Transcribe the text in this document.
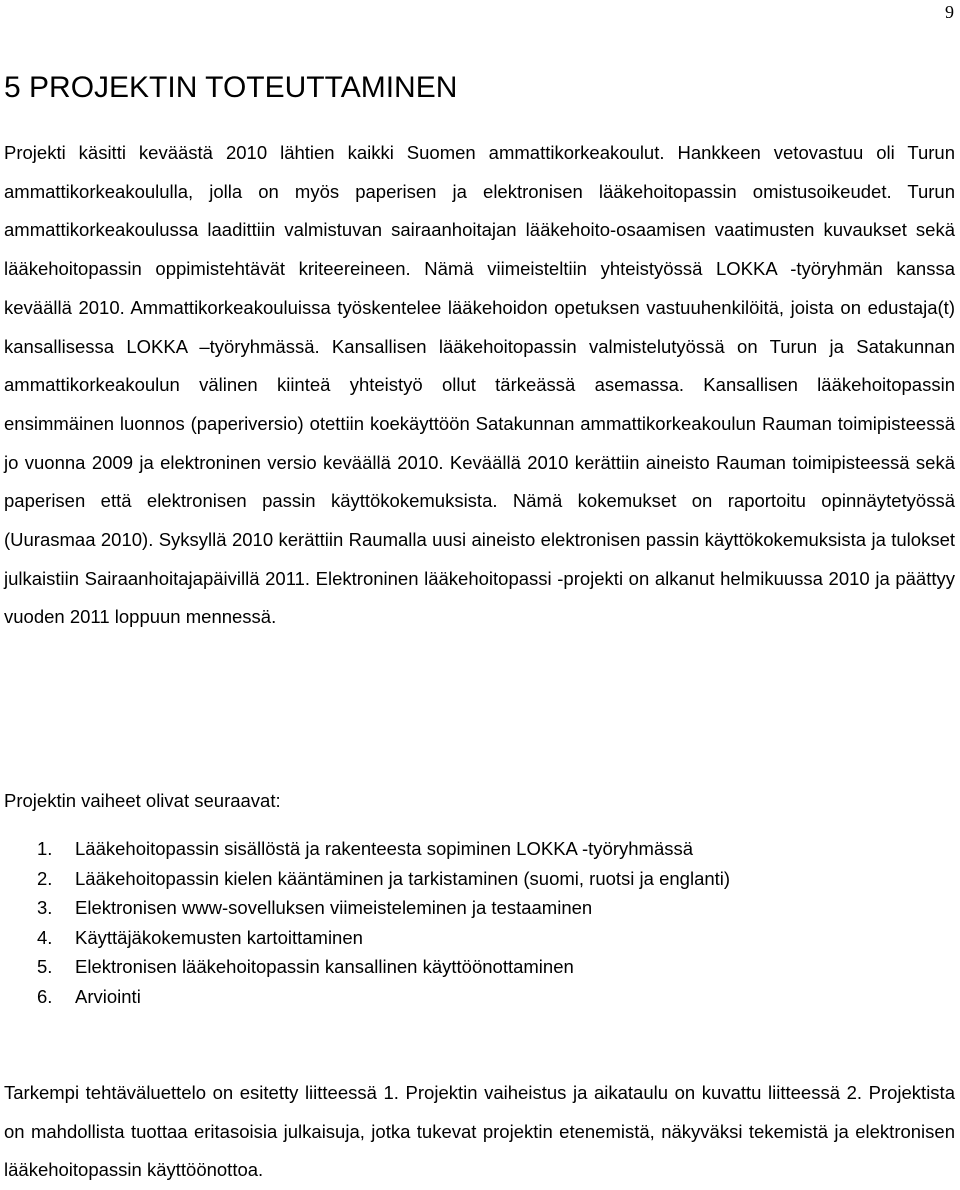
9
5 PROJEKTIN TOTEUTTAMINEN

Projekti käsitti keväästä 2010 lähtien kaikki Suomen ammattikorkeakoulut. Hankkeen vetovastuu oli Turun ammattikorkeakoululla, jolla on myös paperisen ja elektronisen lääkehoitopassin omistusoikeudet. Turun ammattikorkeakoulussa laadittiin valmistuvan sairaanhoitajan lääkehoito-osaamisen vaatimusten kuvaukset sekä lääkehoitopassin oppimistehtävät kriteereineen. Nämä viimeisteltiin yhteistyössä LOKKA -työryhmän kanssa keväällä 2010. Ammattikorkeakouluissa työskentelee lääkehoidon opetuksen vastuuhenkilöitä, joista on edustaja(t) kansallisessa LOKKA –työryhmässä. Kansallisen lääkehoitopassin valmistelutyössä on Turun ja Satakunnan ammattikorkeakoulun välinen kiinteä yhteistyö ollut tärkeässä asemassa. Kansallisen lääkehoitopassin ensimmäinen luonnos (paperiversio) otettiin koekäyttöön Satakunnan ammattikorkeakoulun Rauman toimipisteessä jo vuonna 2009 ja elektroninen versio keväällä 2010. Keväällä 2010 kerättiin aineisto Rauman toimipisteessä sekä paperisen että elektronisen passin käyttökokemuksista. Nämä kokemukset on raportoitu opinnäytetyössä (Uurasmaa 2010). Syksyllä 2010 kerättiin Raumalla uusi aineisto elektronisen passin käyttökokemuksista ja tulokset julkaistiin Sairaanhoitajapäivillä 2011. Elektroninen lääkehoitopassi -projekti on alkanut helmikuussa 2010 ja päättyy vuoden 2011 loppuun mennessä.

Projektin vaiheet olivat seuraavat:

1.	Lääkehoitopassin sisällöstä ja rakenteesta sopiminen LOKKA -työryhmässä
2.	Lääkehoitopassin kielen kääntäminen ja tarkistaminen (suomi, ruotsi ja englanti)
3.	Elektronisen www-sovelluksen viimeisteleminen ja testaaminen
4.	Käyttäjäkokemusten kartoittaminen
5.	Elektronisen lääkehoitopassin kansallinen käyttöönottaminen
6.	Arviointi

Tarkempi tehtäväluettelo on esitetty liitteessä 1. Projektin vaiheistus ja aikataulu on kuvattu liitteessä 2. Projektista on mahdollista tuottaa eritasoisia julkaisuja, jotka tukevat projektin etenemistä, näkyväksi tekemistä ja elektronisen lääkehoitopassin käyttöönottoa.
